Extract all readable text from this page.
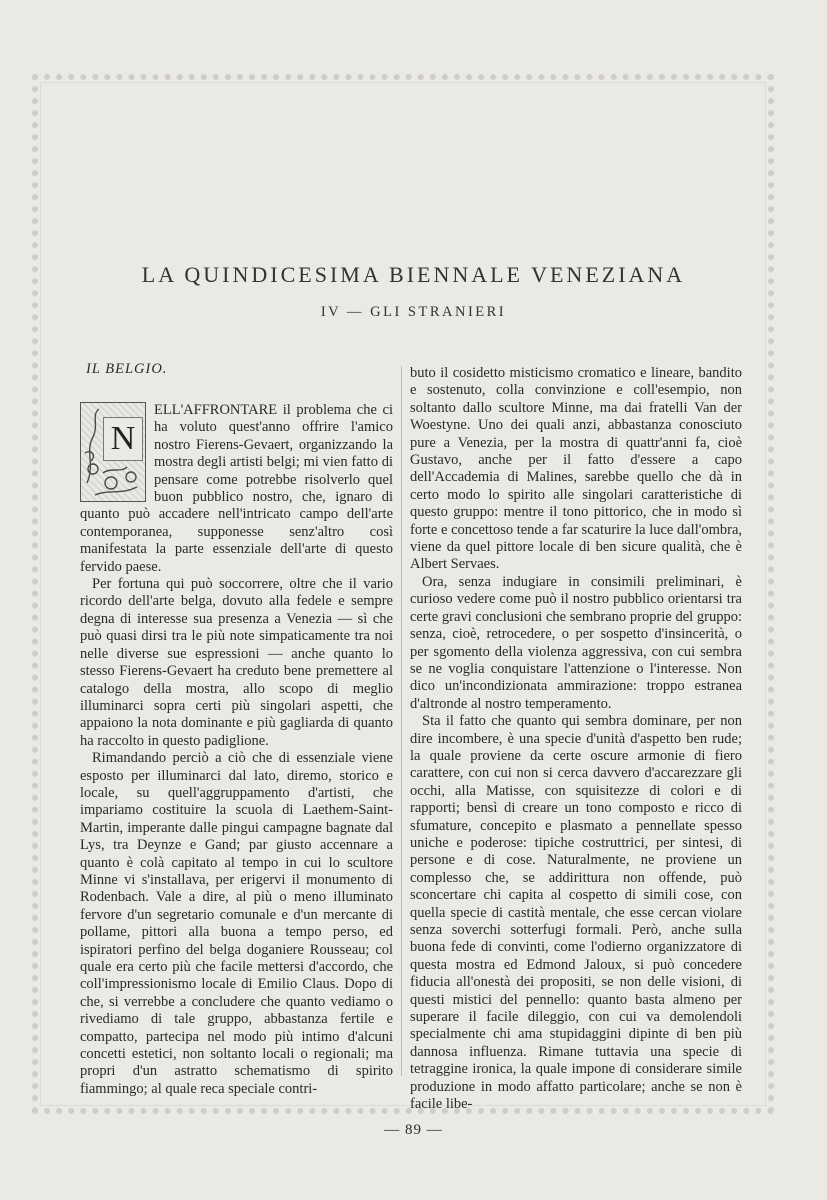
LA QUINDICESIMA BIENNALE VENEZIANA
IV — GLI STRANIERI
IL BELGIO.

N
ELL'AFFRONTARE il problema che ci ha voluto quest'anno offrire l'amico nostro Fierens-Gevaert, organizzando la mostra degli artisti belgi; mi vien fatto di pensare come potrebbe risolverlo quel buon pubblico nostro, che, ignaro di quanto può accadere nell'intricato campo dell'arte contemporanea, supponesse senz'altro così manifestata la parte essenziale dell'arte di questo fervido paese.

Per fortuna qui può soccorrere, oltre che il vario ricordo dell'arte belga, dovuto alla fedele e sempre degna di interesse sua presenza a Venezia — sì che può quasi dirsi tra le più note simpaticamente tra noi nelle diverse sue espressioni — anche quanto lo stesso Fierens-Gevaert ha creduto bene premettere al catalogo della mostra, allo scopo di meglio illuminarci sopra certi più singolari aspetti, che appaiono la nota dominante e più gagliarda di quanto ha raccolto in questo padiglione.

Rimandando perciò a ciò che di essenziale viene esposto per illuminarci dal lato, diremo, storico e locale, su quell'aggruppamento d'artisti, che impariamo costituire la scuola di Laethem-Saint-Martin, imperante dalle pingui campagne bagnate dal Lys, tra Deynze e Gand; par giusto accennare a quanto è colà capitato al tempo in cui lo scultore Minne vi s'installava, per erigervi il monumento di Rodenbach. Vale a dire, al più o meno illuminato fervore d'un segretario comunale e d'un mercante di pollame, pittori alla buona a tempo perso, ed ispiratori perfino del belga doganiere Rousseau; col quale era certo più che facile mettersi d'accordo, che coll'impressionismo locale di Emilio Claus. Dopo di che, si verrebbe a concludere che quanto vediamo o rivediamo di tale gruppo, abbastanza fertile e compatto, partecipa nel modo più intimo d'alcuni concetti estetici, non soltanto locali o regionali; ma propri d'un astratto schematismo di spirito fiammingo; al quale reca speciale contri-

buto il cosidetto misticismo cromatico e lineare, bandito e sostenuto, colla convinzione e coll'esempio, non soltanto dallo scultore Minne, ma dai fratelli Van der Woestyne. Uno dei quali anzi, abbastanza conosciuto pure a Venezia, per la mostra di quattr'anni fa, cioè Gustavo, anche per il fatto d'essere a capo dell'Accademia di Malines, sarebbe quello che dà in certo modo lo spirito alle singolari caratteristiche di questo gruppo: mentre il tono pittorico, che in modo sì forte e concettoso tende a far scaturire la luce dall'ombra, viene da quel pittore locale di ben sicure qualità, che è Albert Servaes.

Ora, senza indugiare in consimili preliminari, è curioso vedere come può il nostro pubblico orientarsi tra certe gravi conclusioni che sembrano proprie del gruppo: senza, cioè, retrocedere, o per sospetto d'insincerità, o per sgomento della violenza aggressiva, con cui sembra se ne voglia conquistare l'attenzione o l'interesse. Non dico un'incondizionata ammirazione: troppo estranea d'altronde al nostro temperamento.

Sta il fatto che quanto qui sembra dominare, per non dire incombere, è una specie d'unità d'aspetto ben rude; la quale proviene da certe oscure armonie di fiero carattere, con cui non si cerca davvero d'accarezzare gli occhi, alla Matisse, con squisitezze di colori e di rapporti; bensì di creare un tono composto e ricco di sfumature, concepito e plasmato a pennellate spesso uniche e poderose: tipiche costruttrici, per sintesi, di persone e di cose. Naturalmente, ne proviene un complesso che, se addirittura non offende, può sconcertare chi capita al cospetto di simili cose, con quella specie di castità mentale, che esse cercan violare senza soverchi sotterfugi formali. Però, anche sulla buona fede di convinti, come l'odierno organizzatore di questa mostra ed Edmond Jaloux, si può concedere fiducia all'onestà dei propositi, se non delle visioni, di questi mistici del pennello: quanto basta almeno per superare il facile dileggio, con cui va demolendoli specialmente chi ama stupidaggini dipinte di ben più dannosa influenza. Rimane tuttavia una specie di tetraggine ironica, la quale impone di considerare simile produzione in modo affatto particolare; anche se non è facile libe-

— 89 —
